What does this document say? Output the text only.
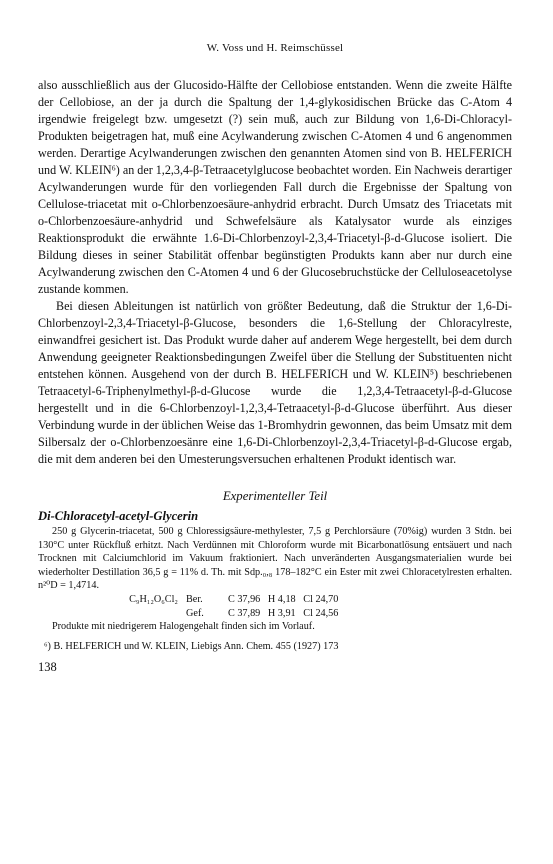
W. Voss und H. Reimschüssel

also ausschließlich aus der Glucosido-Hälfte der Cellobiose entstanden. Wenn die zweite Hälfte der Cellobiose, an der ja durch die Spaltung der 1,4-glykosidischen Brücke das C-Atom 4 irgendwie freigelegt bzw. umgesetzt (?) sein muß, auch zur Bildung von 1,6-Di-Chloracyl-Produkten beigetragen hat, muß eine Acylwanderung zwischen C-Atomen 4 und 6 angenommen werden. Derartige Acylwanderungen zwischen den genannten Atomen sind von B. HELFERICH und W. KLEIN⁶) an der 1,2,3,4-β-Tetraacetylglucose beobachtet worden. Ein Nachweis derartiger Acylwanderungen wurde für den vorliegenden Fall durch die Ergebnisse der Spaltung von Cellulose-triacetat mit o-Chlorbenzoesäure-anhydrid erbracht. Durch Umsatz des Triacetats mit o-Chlorbenzoesäure-anhydrid und Schwefelsäure als Katalysator wurde als einziges Reaktionsprodukt die erwähnte 1.6-Di-Chlorbenzoyl-2,3,4-Triacetyl-β-d-Glucose isoliert. Die Bildung dieses in seiner Stabilität offenbar begünstigten Produkts kann aber nur durch eine Acylwanderung zwischen den C-Atomen 4 und 6 der Glucosebruchstücke der Celluloseacetolyse zustande kommen.

Bei diesen Ableitungen ist natürlich von größter Bedeutung, daß die Struktur der 1,6-Di-Chlorbenzoyl-2,3,4-Triacetyl-β-Glucose, besonders die 1,6-Stellung der Chloracylreste, einwandfrei gesichert ist. Das Produkt wurde daher auf anderem Wege hergestellt, bei dem durch Anwendung geeigneter Reaktionsbedingungen Zweifel über die Stellung der Substituenten nicht entstehen können. Ausgehend von der durch B. HELFERICH und W. KLEIN⁵) beschriebenen Tetraacetyl-6-Triphenylmethyl-β-d-Glucose wurde die 1,2,3,4-Tetraacetyl-β-d-Glucose hergestellt und in die 6-Chlorbenzoyl-1,2,3,4-Tetraacetyl-β-d-Glucose überführt. Aus dieser Verbindung wurde in der üblichen Weise das 1-Bromhydrin gewonnen, das beim Umsatz mit dem Silbersalz der o-Chlorbenzoesänre eine 1,6-Di-Chlorbenzoyl-2,3,4-Triacetyl-β-d-Glucose ergab, die mit dem anderen bei den Umesterungsversuchen erhaltenen Produkt identisch war.

Experimenteller Teil
Di-Chloracetyl-acetyl-Glycerin

250 g Glycerin-triacetat, 500 g Chloressigsäure-methylester, 7,5 g Perchlorsäure (70%ig) wurden 3 Stdn. bei 130°C unter Rückfluß erhitzt. Nach Verdünnen mit Chloroform wurde mit Bicarbonatlösung entsäuert und nach Trocknen mit Calciumchlorid im Vakuum fraktioniert. Nach unveränderten Ausgangsmaterialien wurde bei wiederholter Destillation 36,5 g = 11% d. Th. mit Sdp.₀,₈ 178–182°C ein Ester mit zwei Chloracetylresten erhalten. n²⁰D = 1,4714.

C₉H₁₂O₆Cl₂ Ber.	C 37,96   H 4,18   Cl 24,70
Gef.	C 37,89   H 3,91   Cl 24,56

Produkte mit niedrigerem Halogengehalt finden sich im Vorlauf.

⁶) B. HELFERICH und W. KLEIN, Liebigs Ann. Chem. 455 (1927) 173
138
